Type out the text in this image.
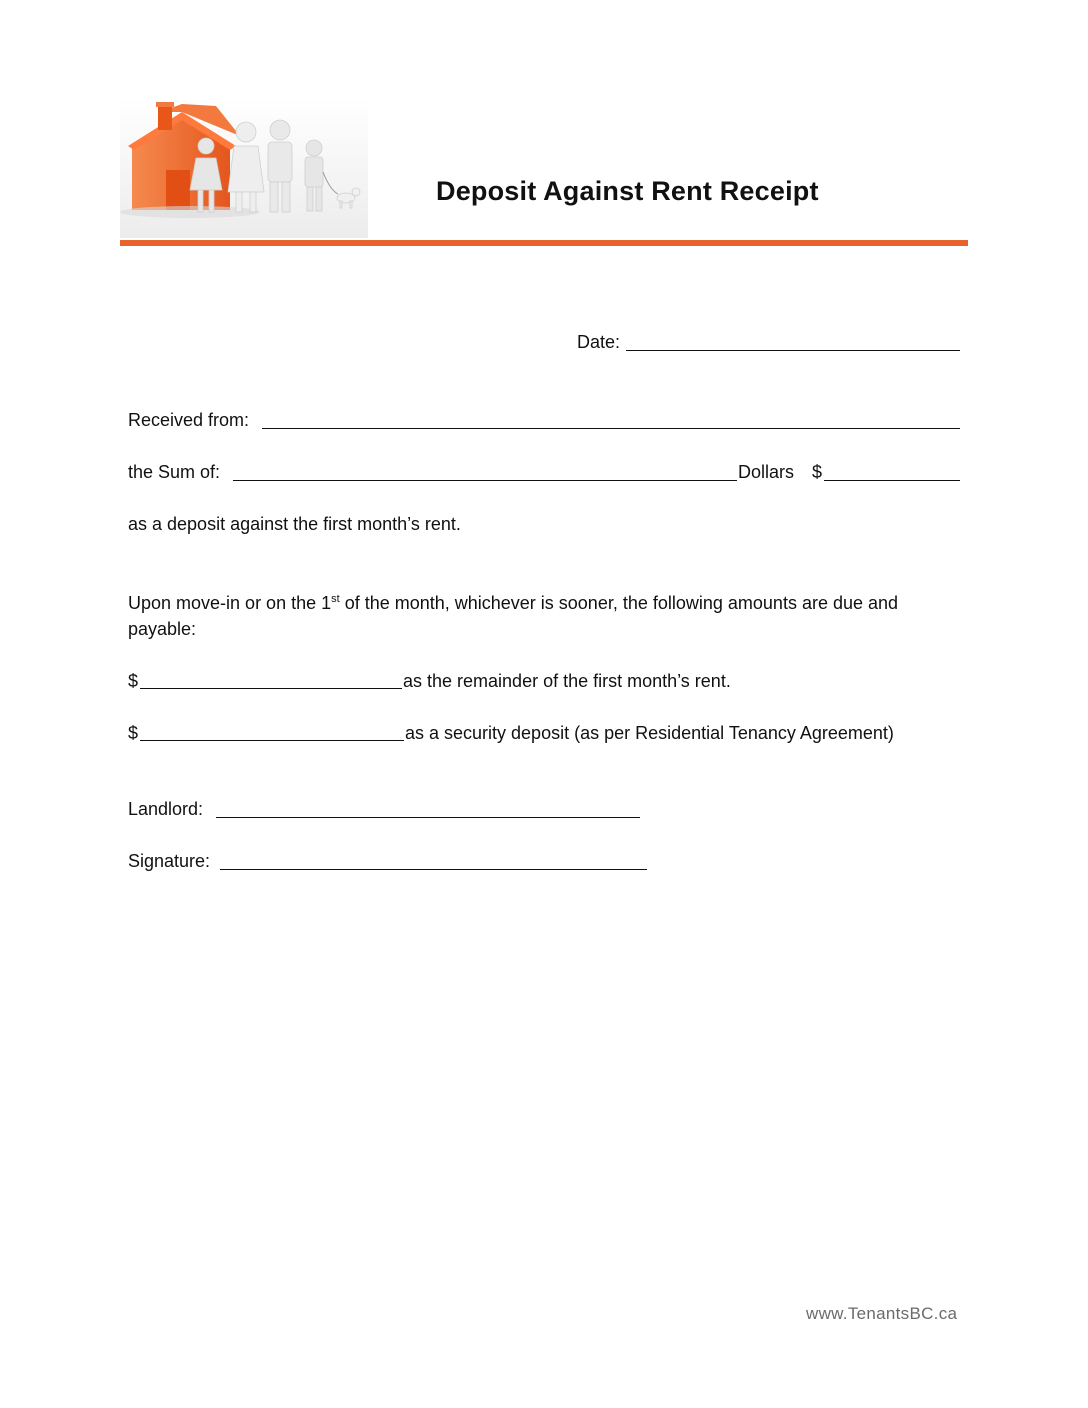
Deposit Against Rent Receipt
Date:
Received from:
the Sum of:	Dollars $
as a deposit against the first month’s rent.
Upon move-in or on the 1st of the month, whichever is sooner, the following amounts are due and payable:
$	as the remainder of the first month’s rent.
$	as a security deposit (as per Residential Tenancy Agreement)
Landlord:
Signature:
www.TenantsBC.ca
